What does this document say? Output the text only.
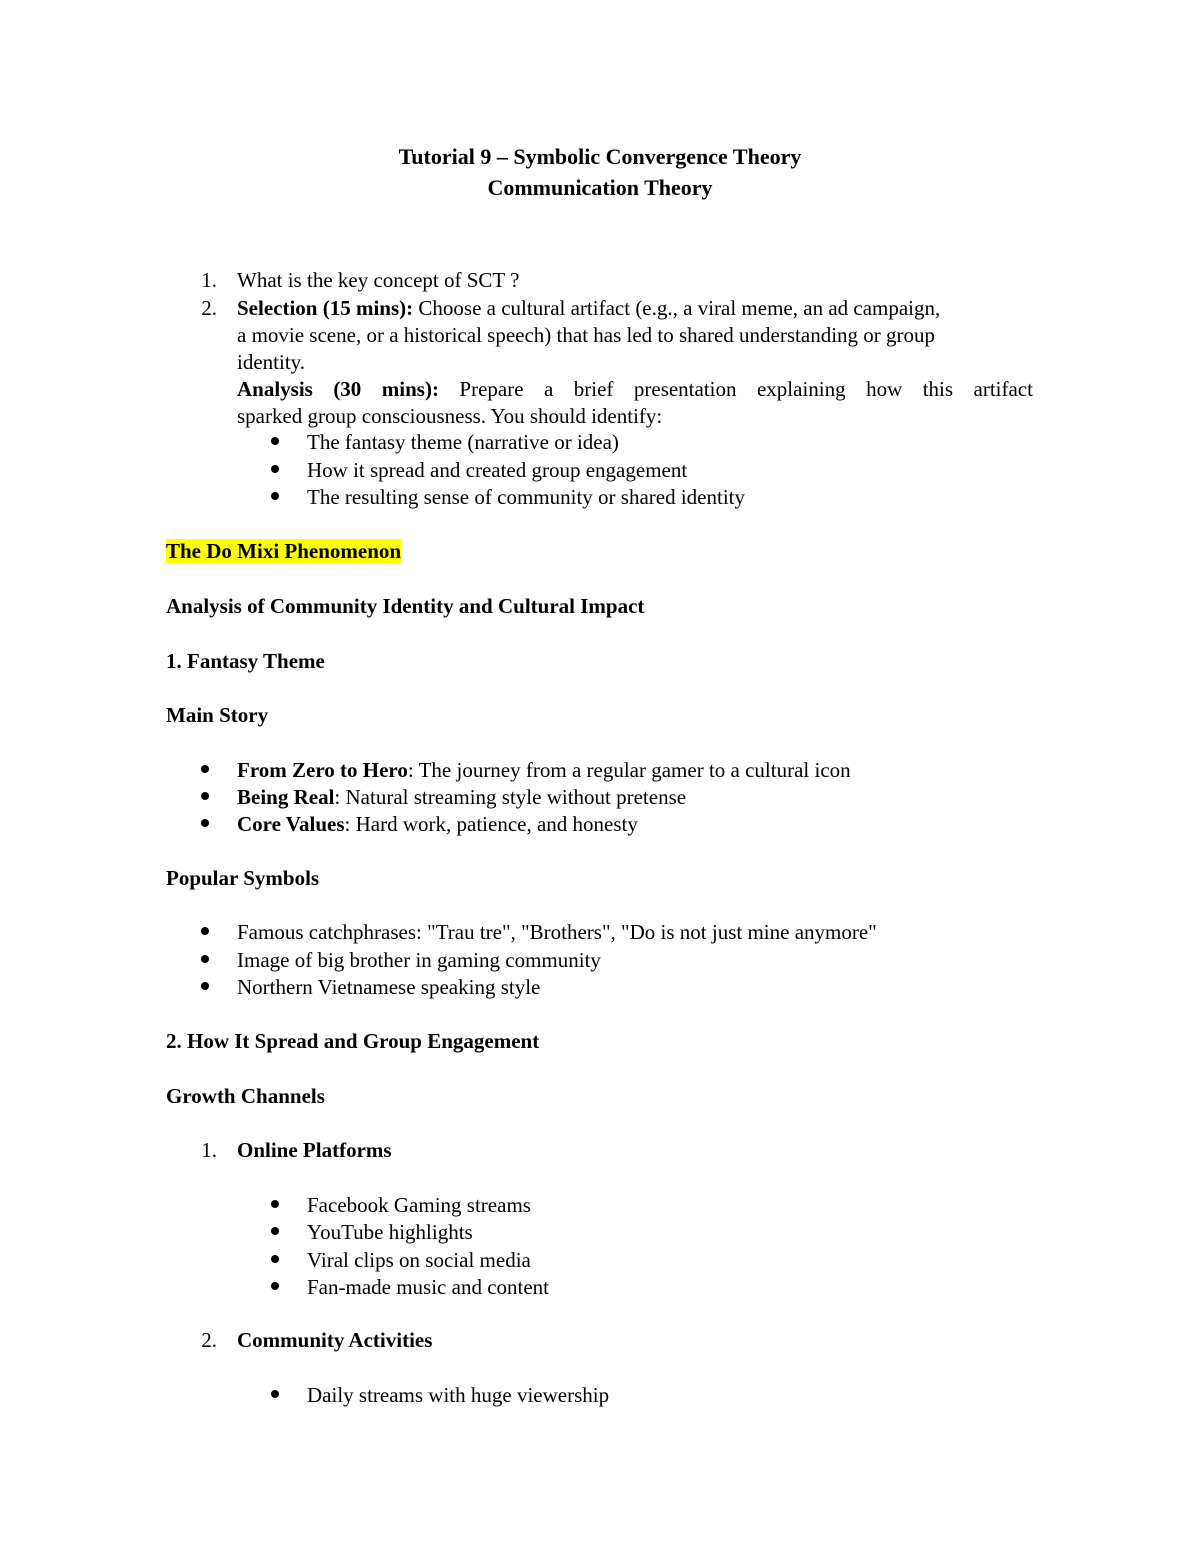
Tutorial 9 – Symbolic Convergence Theory
Communication Theory
1. What is the key concept of SCT ?
2. Selection (15 mins): Choose a cultural artifact (e.g., a viral meme, an ad campaign,
a movie scene, or a historical speech) that has led to shared understanding or group
identity.
Analysis (30 mins): Prepare a brief presentation explaining how this artifact
sparked group consciousness. You should identify:
The fantasy theme (narrative or idea)
How it spread and created group engagement
The resulting sense of community or shared identity
The Do Mixi Phenomenon
Analysis of Community Identity and Cultural Impact
1. Fantasy Theme
Main Story
From Zero to Hero: The journey from a regular gamer to a cultural icon
Being Real: Natural streaming style without pretense
Core Values: Hard work, patience, and honesty
Popular Symbols
Famous catchphrases: "Trau tre", "Brothers", "Do is not just mine anymore"
Image of big brother in gaming community
Northern Vietnamese speaking style
2. How It Spread and Group Engagement
Growth Channels
1. Online Platforms
Facebook Gaming streams
YouTube highlights
Viral clips on social media
Fan-made music and content
2. Community Activities
Daily streams with huge viewership
